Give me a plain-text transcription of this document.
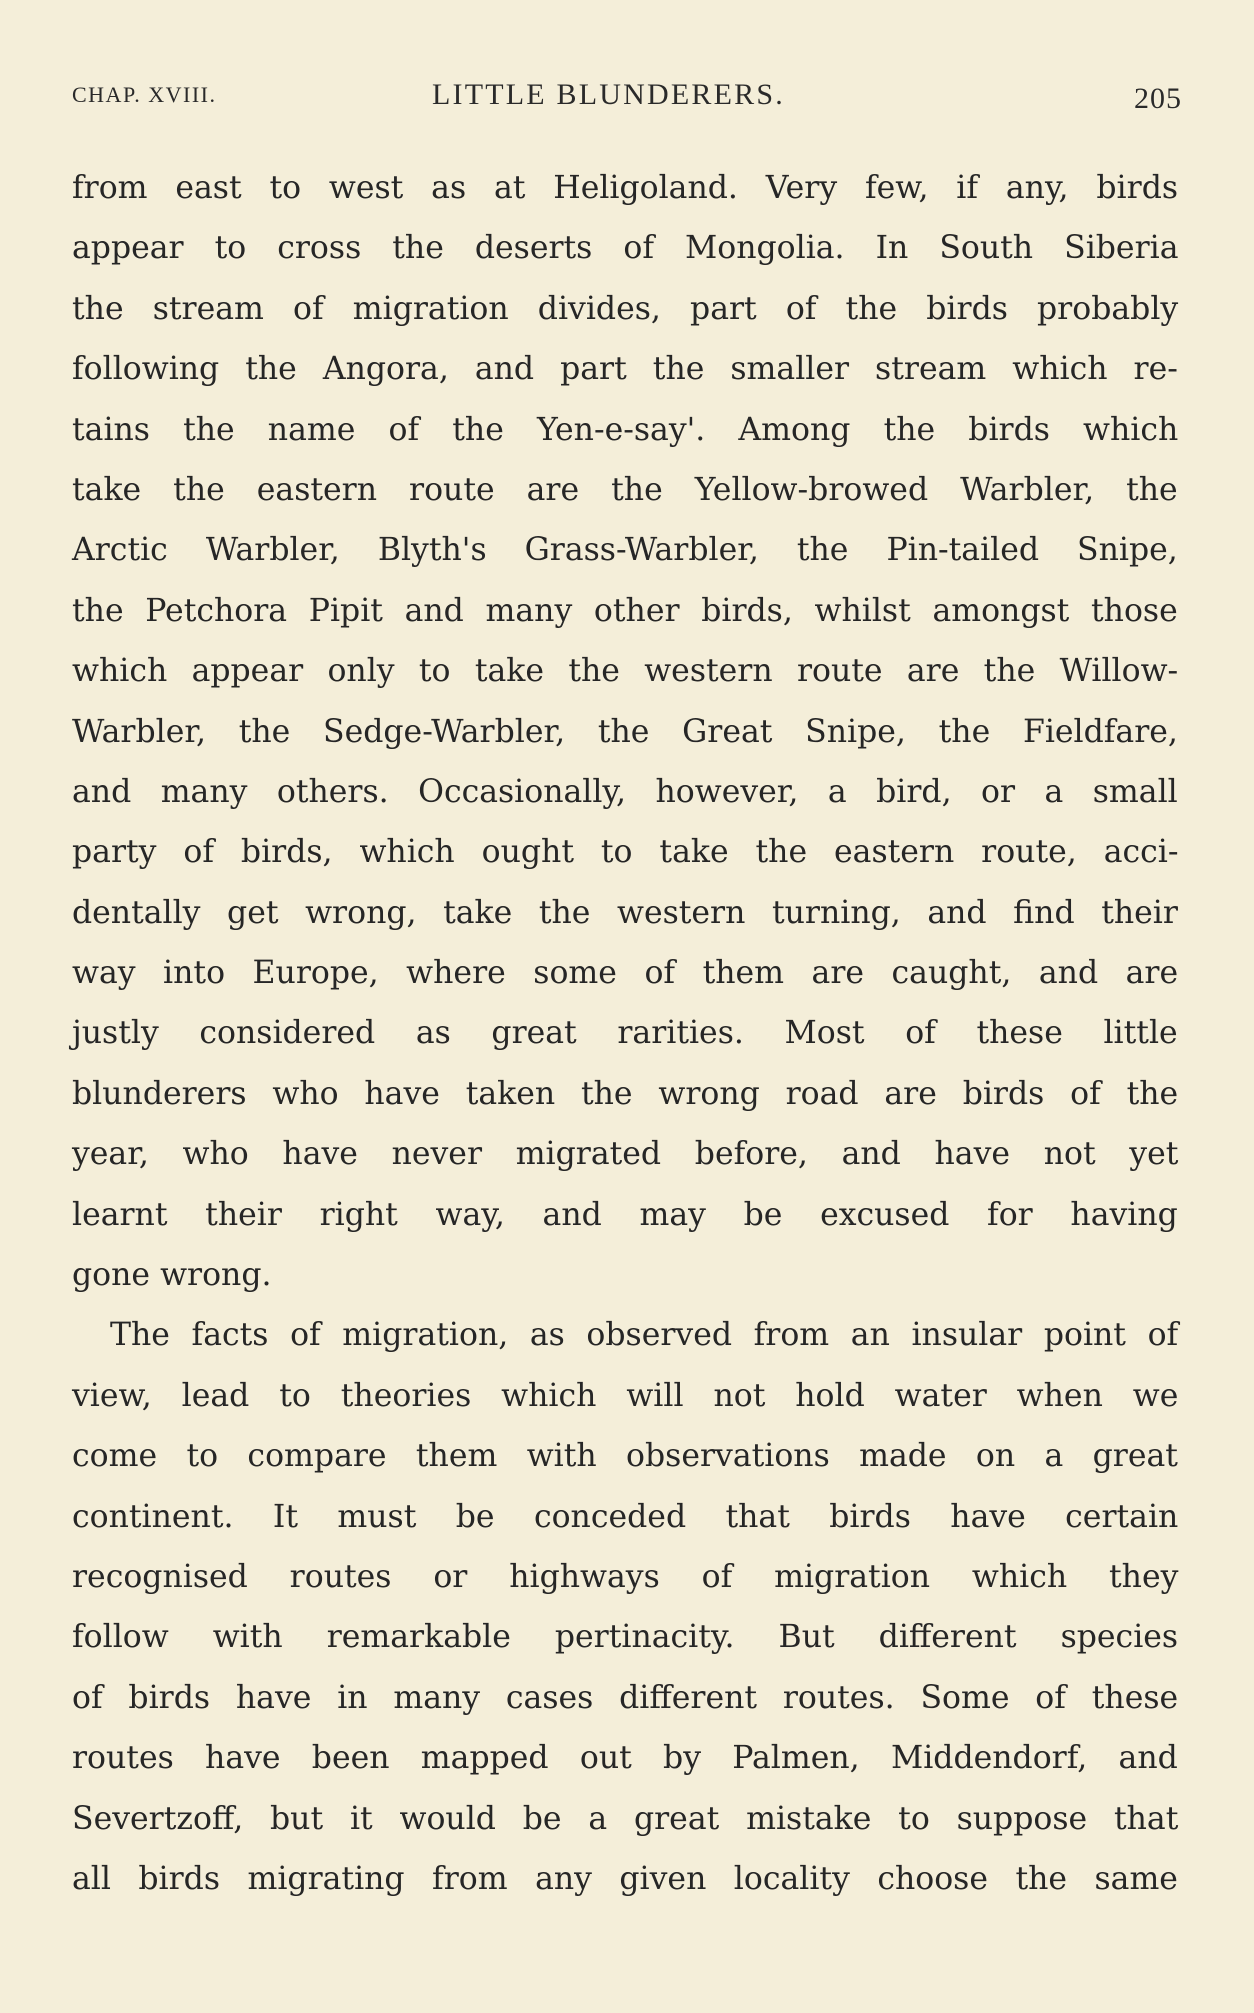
CHAP. XVIII.	LITTLE BLUNDERERS.	205
from east to west as at Heligoland. Very few, if any, birds
appear to cross the deserts of Mongolia. In South Siberia
the stream of migration divides, part of the birds probably
following the Angora, and part the smaller stream which re-
tains the name of the Yen-e-say'. Among the birds which
take the eastern route are the Yellow-browed Warbler, the
Arctic Warbler, Blyth's Grass-Warbler, the Pin-tailed Snipe,
the Petchora Pipit and many other birds, whilst amongst those
which appear only to take the western route are the Willow-
Warbler, the Sedge-Warbler, the Great Snipe, the Fieldfare,
and many others. Occasionally, however, a bird, or a small
party of birds, which ought to take the eastern route, acci-
dentally get wrong, take the western turning, and find their
way into Europe, where some of them are caught, and are
justly considered as great rarities. Most of these little
blunderers who have taken the wrong road are birds of the
year, who have never migrated before, and have not yet
learnt their right way, and may be excused for having
gone wrong.
The facts of migration, as observed from an insular point of
view, lead to theories which will not hold water when we
come to compare them with observations made on a great
continent. It must be conceded that birds have certain
recognised routes or highways of migration which they
follow with remarkable pertinacity. But different species
of birds have in many cases different routes. Some of these
routes have been mapped out by Palmen, Middendorf, and
Severtzoff, but it would be a great mistake to suppose that
all birds migrating from any given locality choose the same
